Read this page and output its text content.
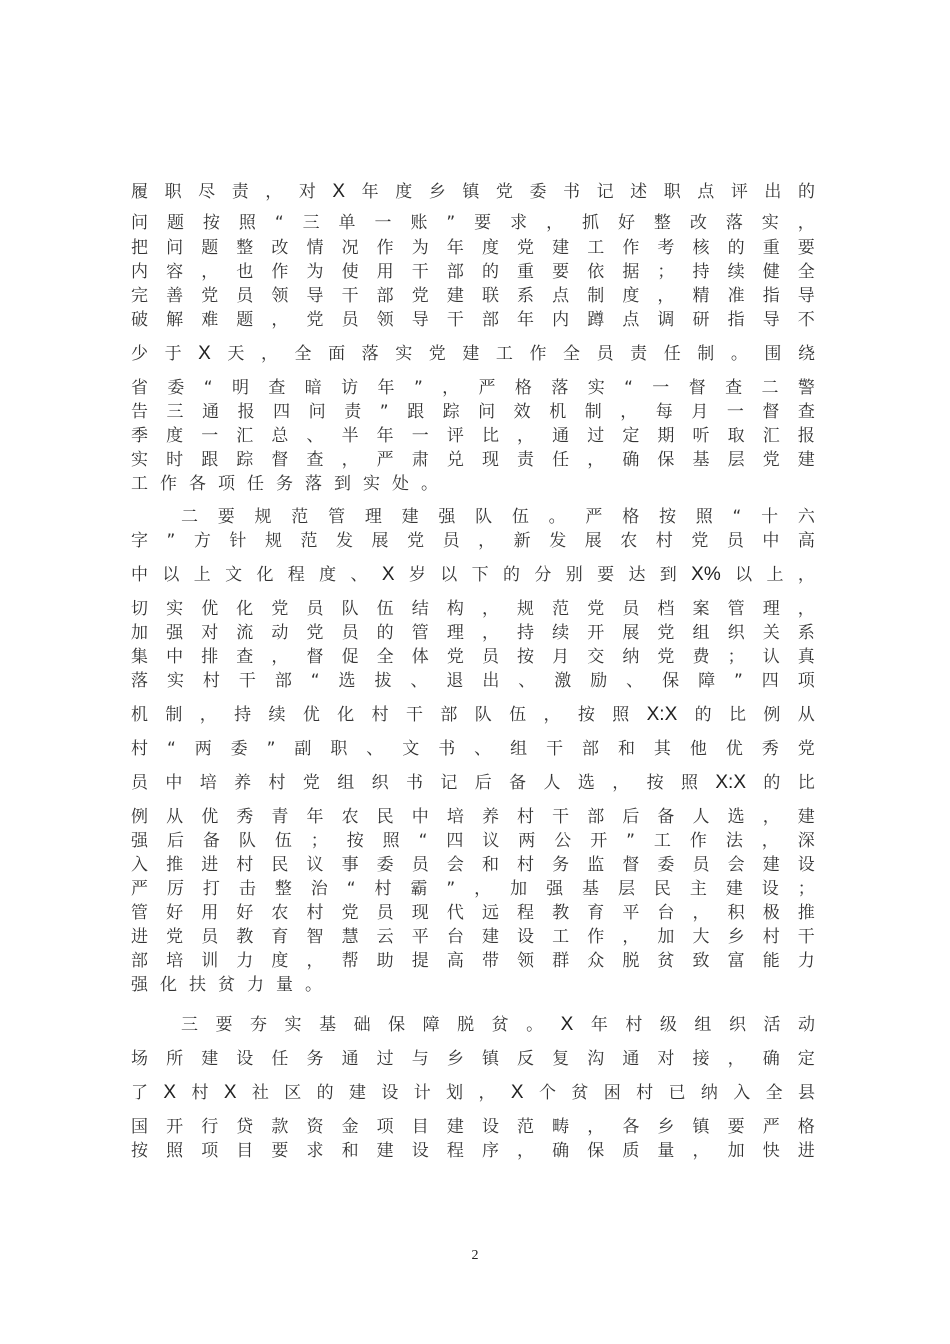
履 职 尽 责 ， 对 X 年 度 乡 镇 党 委 书 记 述 职 点 评 出 的
问 题 按 照 “ 三 单 一 账 ” 要 求 ， 抓 好 整 改 落 实 ，
把 问 题 整 改 情 况 作 为 年 度 党 建 工 作 考 核 的 重 要
内 容 ， 也 作 为 使 用 干 部 的 重 要 依 据 ； 持 续 健 全
完 善 党 员 领 导 干 部 党 建 联 系 点 制 度 ， 精 准 指 导
破 解 难 题 ， 党 员 领 导 干 部 年 内 蹲 点 调 研 指 导 不
少 于 X 天 ， 全 面 落 实 党 建 工 作 全 员 责 任 制 。 围 绕
省 委 “ 明 查 暗 访 年 ” ， 严 格 落 实 “ 一 督 查 二 警
告 三 通 报 四 问 责 ” 跟 踪 问 效 机 制 ， 每 月 一 督 查
季 度 一 汇 总 、 半 年 一 评 比 ， 通 过 定 期 听 取 汇 报
实 时 跟 踪 督 查 ， 严 肃 兑 现 责 任 ， 确 保 基 层 党 建
工 作 各 项 任 务 落 到 实 处 。
二 要 规 范 管 理 建 强 队 伍 。 严 格 按 照 “ 十 六
字 ” 方 针 规 范 发 展 党 员 ， 新 发 展 农 村 党 员 中 高
中 以 上 文 化 程 度 、 X 岁 以 下 的 分 别 要 达 到 X% 以 上 ，
切 实 优 化 党 员 队 伍 结 构 ， 规 范 党 员 档 案 管 理 ，
加 强 对 流 动 党 员 的 管 理 ， 持 续 开 展 党 组 织 关 系
集 中 排 查 ， 督 促 全 体 党 员 按 月 交 纳 党 费 ； 认 真
落 实 村 干 部 “ 选 拔 、 退 出 、 激 励 、 保 障 ” 四 项
机 制 ， 持 续 优 化 村 干 部 队 伍 ， 按 照 X:X 的 比 例 从
村 “ 两 委 ” 副 职 、 文 书 、 组 干 部 和 其 他 优 秀 党
员 中 培 养 村 党 组 织 书 记 后 备 人 选 ， 按 照 X:X 的 比
例 从 优 秀 青 年 农 民 中 培 养 村 干 部 后 备 人 选 ， 建
强 后 备 队 伍 ； 按 照 “ 四 议 两 公 开 ” 工 作 法 ， 深
入 推 进 村 民 议 事 委 员 会 和 村 务 监 督 委 员 会 建 设
严 厉 打 击 整 治 “ 村 霸 ” ， 加 强 基 层 民 主 建 设 ；
管 好 用 好 农 村 党 员 现 代 远 程 教 育 平 台 ， 积 极 推
进 党 员 教 育 智 慧 云 平 台 建 设 工 作 ， 加 大 乡 村 干
部 培 训 力 度 ， 帮 助 提 高 带 领 群 众 脱 贫 致 富 能 力
强 化 扶 贫 力 量 。
三 要 夯 实 基 础 保 障 脱 贫 。 X 年 村 级 组 织 活 动
场 所 建 设 任 务 通 过 与 乡 镇 反 复 沟 通 对 接 ， 确 定
了 X 村 X 社 区 的 建 设 计 划 ， X 个 贫 困 村 已 纳 入 全 县
国 开 行 贷 款 资 金 项 目 建 设 范 畴 ， 各 乡 镇 要 严 格
按 照 项 目 要 求 和 建 设 程 序 ， 确 保 质 量 ， 加 快 进
2
